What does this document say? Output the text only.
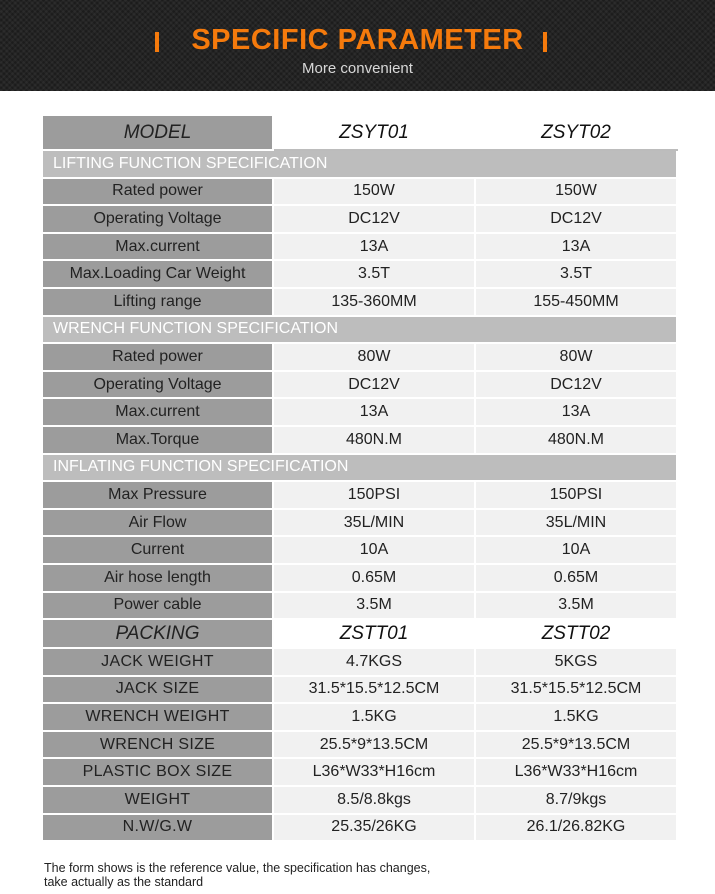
SPECIFIC PARAMETER
More convenient
MODEL	ZSYT01	ZSYT02
LIFTING FUNCTION SPECIFICATION		
Rated power	150W	150W
Operating Voltage	DC12V	DC12V
Max.current	13A	13A
Max.Loading Car Weight	3.5T	3.5T
Lifting range	135-360MM	155-450MM
WRENCH FUNCTION SPECIFICATION		
Rated power	80W	80W
Operating Voltage	DC12V	DC12V
Max.current	13A	13A
Max.Torque	480N.M	480N.M
INFLATING FUNCTION SPECIFICATION		
Max Pressure	150PSI	150PSI
Air Flow	35L/MIN	35L/MIN
Current	10A	10A
Air hose length	0.65M	0.65M
Power cable	3.5M	3.5M
PACKING	ZSTT01	ZSTT02
JACK WEIGHT	4.7KGS	5KGS
JACK SIZE	31.5*15.5*12.5CM	31.5*15.5*12.5CM
WRENCH WEIGHT	1.5KG	1.5KG
WRENCH SIZE	25.5*9*13.5CM	25.5*9*13.5CM
PLASTIC BOX SIZE	L36*W33*H16cm	L36*W33*H16cm
WEIGHT	8.5/8.8kgs	8.7/9kgs
N.W/G.W	25.35/26KG	26.1/26.82KG
The form shows is the reference value, the specification has changes,
take actually as the standard
